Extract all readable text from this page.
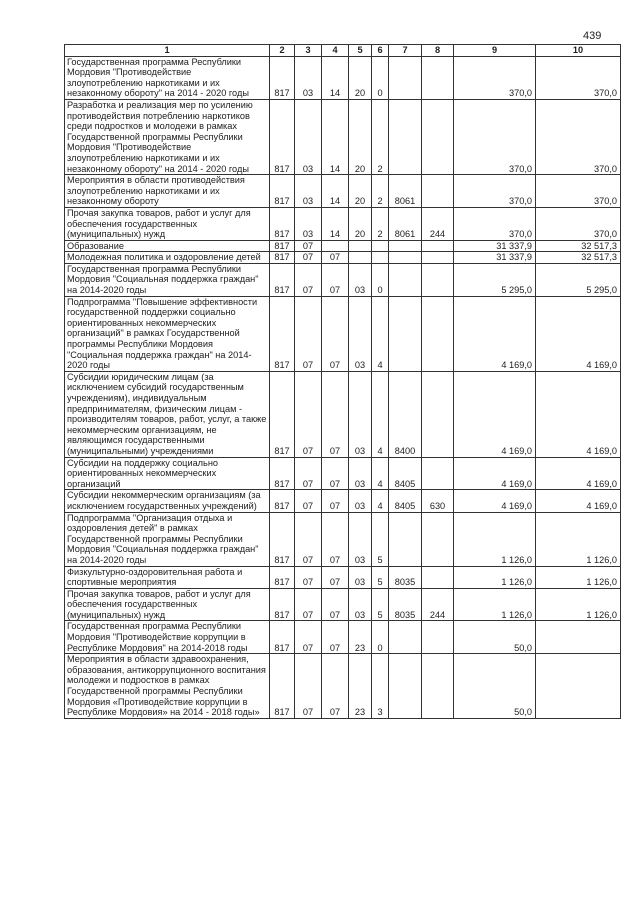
439
1	2	3	4	5	6	7	8	9	10
Государственная программа Республики Мордовия "Противодействие злоупотреблению наркотиками и их незаконному обороту" на 2014 - 2020 годы	817	03	14	20	0			370,0	370,0
Разработка и реализация мер по усилению противодействия потреблению наркотиков среди подростков и молодежи в рамках Государственной программы Республики Мордовия "Противодействие злоупотреблению наркотиками и их незаконному обороту" на 2014 - 2020 годы	817	03	14	20	2			370,0	370,0
Мероприятия в области противодействия злоупотреблению наркотиками и их незаконному обороту	817	03	14	20	2	8061		370,0	370,0
Прочая закупка товаров, работ и услуг для обеспечения государственных (муниципальных) нужд	817	03	14	20	2	8061	244	370,0	370,0
Образование	817	07						31 337,9	32 517,3
Молодежная политика и оздоровление детей	817	07	07					31 337,9	32 517,3
Государственная программа Республики Мордовия "Социальная поддержка граждан" на 2014-2020 годы	817	07	07	03	0			5 295,0	5 295,0
Подпрограмма "Повышение эффективности государственной поддержки социально ориентированных некоммерческих организаций" в рамках Государственной программы Республики Мордовия "Социальная поддержка граждан" на 2014-2020 годы	817	07	07	03	4			4 169,0	4 169,0
Субсидии юридическим лицам (за исключением субсидий государственным учреждениям), индивидуальным предпринимателям, физическим лицам - производителям товаров, работ, услуг, а также некоммерческим организациям, не являющимся государственными (муниципальными) учреждениями	817	07	07	03	4	8400		4 169,0	4 169,0
Субсидии на поддержку социально ориентированных некоммерческих организаций	817	07	07	03	4	8405		4 169,0	4 169,0
Субсидии некоммерческим организациям (за исключением государственных учреждений)	817	07	07	03	4	8405	630	4 169,0	4 169,0
Подпрограмма "Организация отдыха и оздоровления детей" в рамках Государственной программы Республики Мордовия "Социальная поддержка граждан" на 2014-2020 годы	817	07	07	03	5			1 126,0	1 126,0
Физкультурно-оздоровительная работа и спортивные мероприятия	817	07	07	03	5	8035		1 126,0	1 126,0
Прочая закупка товаров, работ и услуг для обеспечения государственных (муниципальных) нужд	817	07	07	03	5	8035	244	1 126,0	1 126,0
Государственная программа Республики Мордовия "Противодействие коррупции в Республике Мордовия" на 2014-2018 годы	817	07	07	23	0			50,0	
Мероприятия в области здравоохранения, образования, антикоррупционного воспитания молодежи и подростков в рамках Государственной программы Республики Мордовия «Противодействие коррупции в Республике Мордовия» на 2014 - 2018 годы»	817	07	07	23	3			50,0	
